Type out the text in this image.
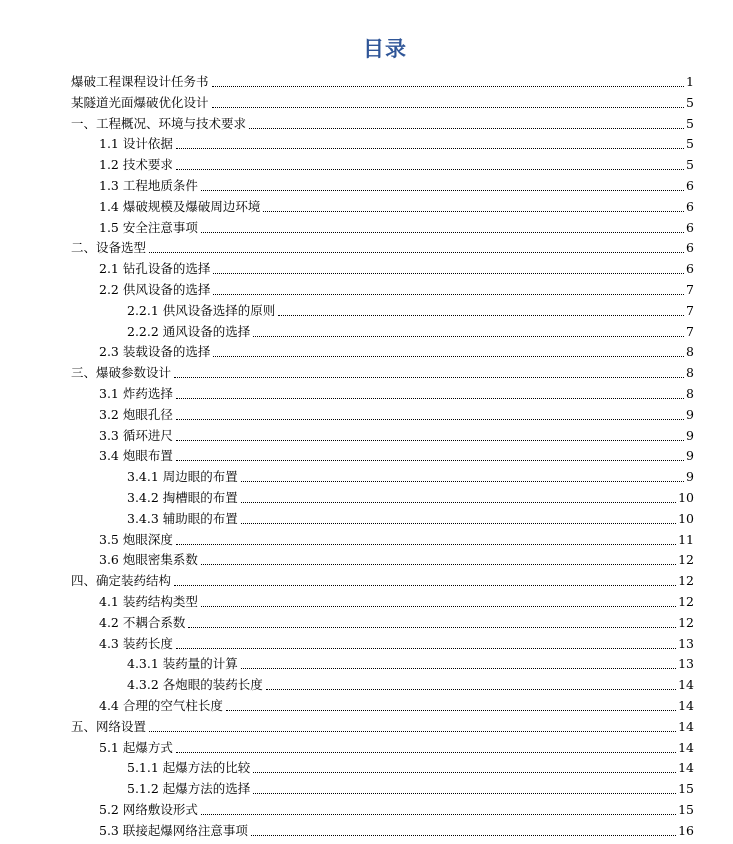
目录
爆破工程课程设计任务书	1
某隧道光面爆破优化设计	5
一、工程概况、环境与技术要求	5
1.1 设计依据	5
1.2 技术要求	5
1.3 工程地质条件	6
1.4 爆破规模及爆破周边环境	6
1.5 安全注意事项	6
二、设备选型	6
2.1 钻孔设备的选择	6
2.2 供风设备的选择	7
2.2.1 供风设备选择的原则	7
2.2.2 通风设备的选择	7
2.3 装载设备的选择	8
三、爆破参数设计	8
3.1 炸药选择	8
3.2 炮眼孔径	9
3.3 循环进尺	9
3.4 炮眼布置	9
3.4.1 周边眼的布置	9
3.4.2 掏槽眼的布置	10
3.4.3 辅助眼的布置	10
3.5 炮眼深度	11
3.6 炮眼密集系数	12
四、确定装药结构	12
4.1 装药结构类型	12
4.2 不耦合系数	12
4.3 装药长度	13
4.3.1 装药量的计算	13
4.3.2 各炮眼的装药长度	14
4.4 合理的空气柱长度	14
五、网络设置	14
5.1 起爆方式	14
5.1.1 起爆方法的比较	14
5.1.2 起爆方法的选择	15
5.2 网络敷设形式	15
5.3 联接起爆网络注意事项	16
